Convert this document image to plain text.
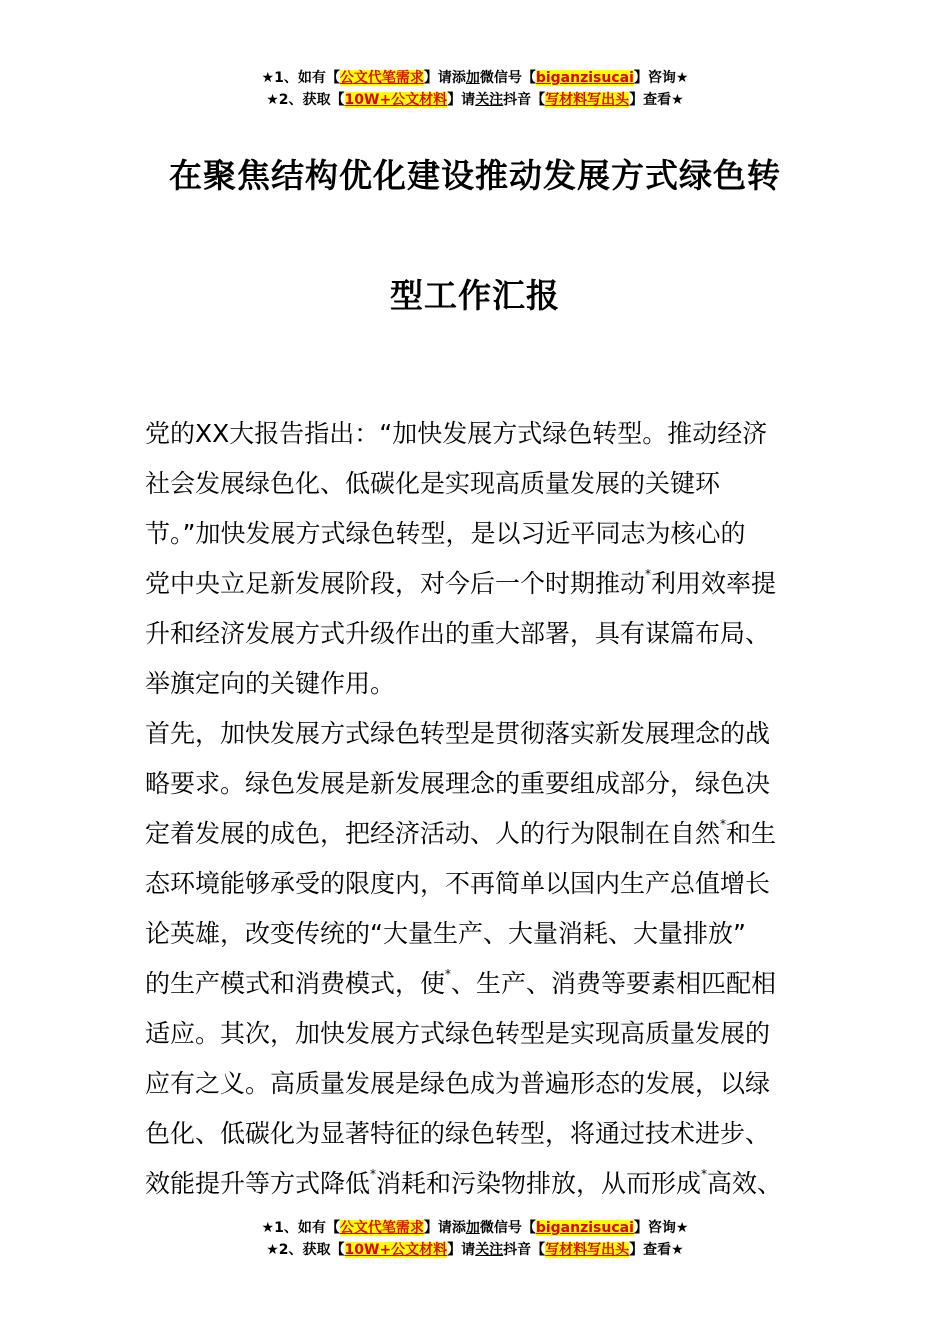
★1、如有【公文代笔需求】请添加微信号【biganzisucai】咨询★
★2、获取【10W+公文材料】请关注抖音【写材料写出头】查看★
在聚焦结构优化建设推动发展方式绿色转
型工作汇报
党的XX大报告指出：“加快发展方式绿色转型。推动经济
社会发展绿色化、低碳化是实现高质量发展的关键环
节。”加快发展方式绿色转型，是以习近平同志为核心的
党中央立足新发展阶段，对今后一个时期推动*利用效率提
升和经济发展方式升级作出的重大部署，具有谋篇布局、
举旗定向的关键作用。
首先，加快发展方式绿色转型是贯彻落实新发展理念的战
略要求。绿色发展是新发展理念的重要组成部分，绿色决
定着发展的成色，把经济活动、人的行为限制在自然*和生
态环境能够承受的限度内，不再简单以国内生产总值增长
论英雄，改变传统的“大量生产、大量消耗、大量排放”
的生产模式和消费模式，使*、生产、消费等要素相匹配相
适应。其次，加快发展方式绿色转型是实现高质量发展的
应有之义。高质量发展是绿色成为普遍形态的发展，以绿
色化、低碳化为显著特征的绿色转型，将通过技术进步、
效能提升等方式降低*消耗和污染物排放，从而形成*高效、
★1、如有【公文代笔需求】请添加微信号【biganzisucai】咨询★
★2、获取【10W+公文材料】请关注抖音【写材料写出头】查看★
